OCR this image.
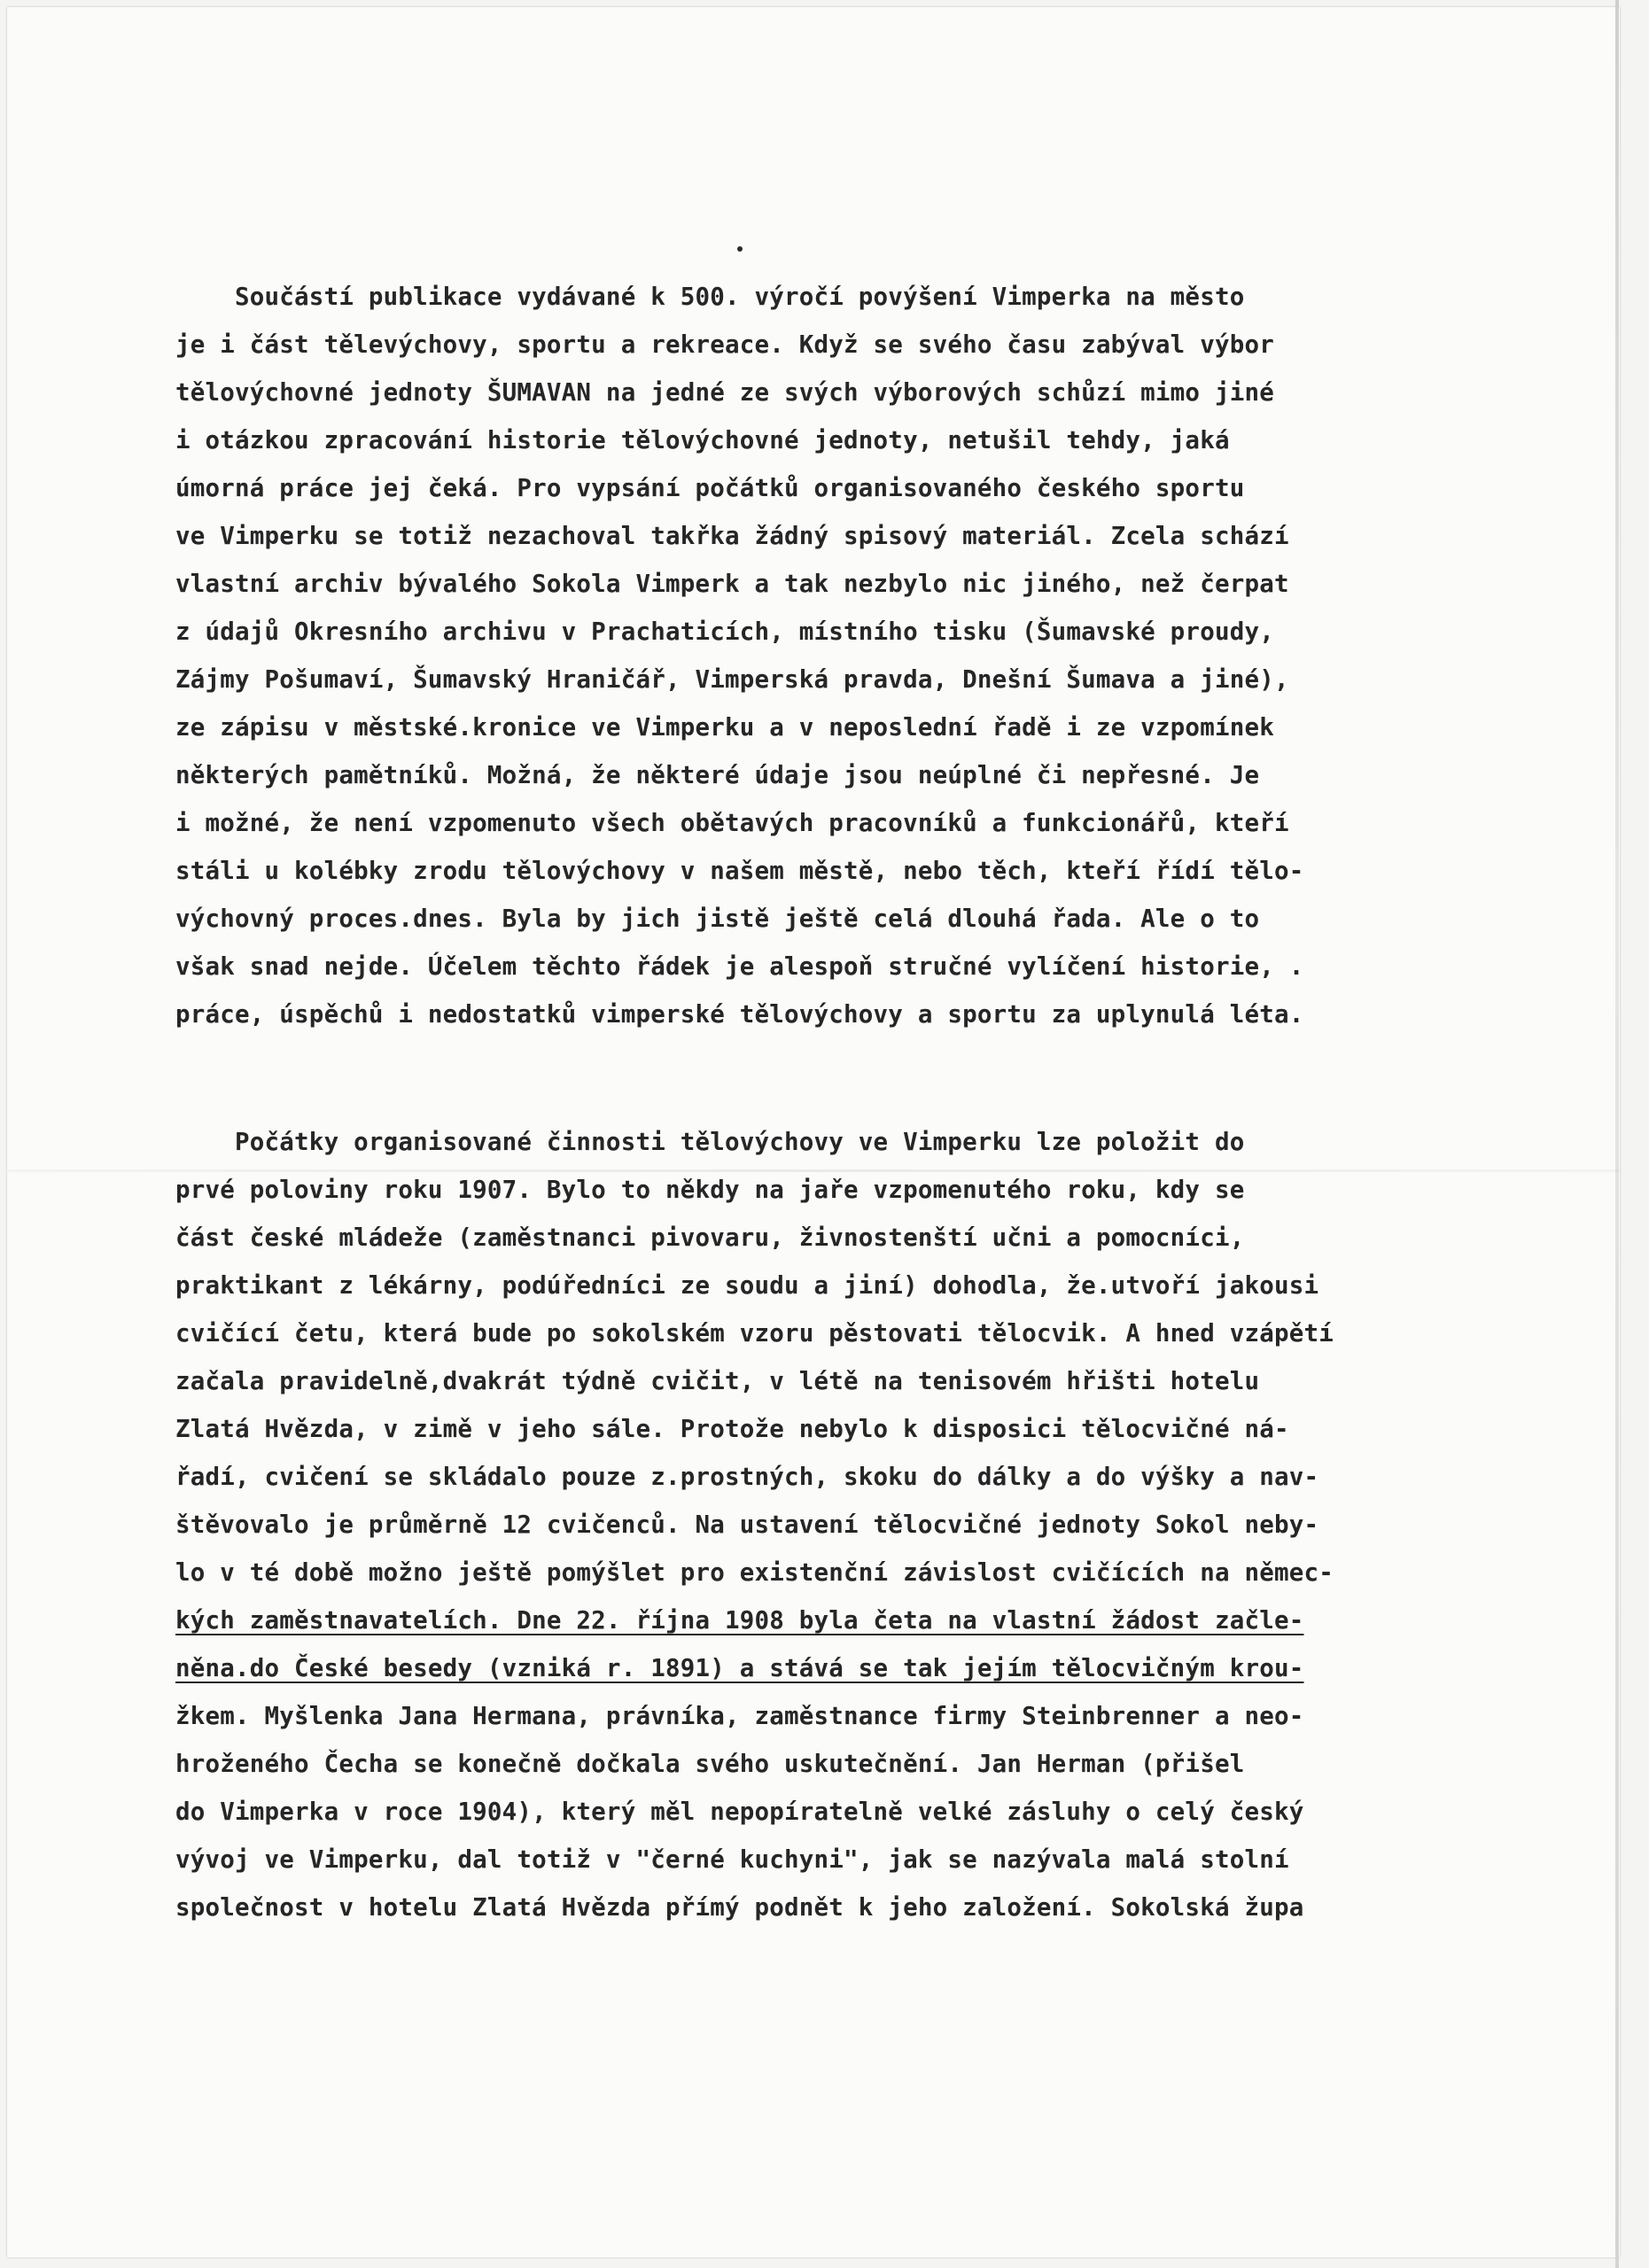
Součástí publikace vydávané k 500. výročí povýšení Vimperka na město
je i část tělevýchovy, sportu a rekreace. Když se svého času zabýval výbor
tělovýchovné jednoty ŠUMAVAN na jedné ze svých výborových schůzí mimo jiné
i otázkou zpracování historie tělovýchovné jednoty, netušil tehdy, jaká
úmorná práce jej čeká. Pro vypsání počátků organisovaného českého sportu
ve Vimperku se totiž nezachoval takřka žádný spisový materiál. Zcela schází
vlastní archiv bývalého Sokola Vimperk a tak nezbylo nic jiného, než čerpat
z údajů Okresního archivu v Prachaticích, místního tisku (Šumavské proudy,
Zájmy Pošumaví, Šumavský Hraničář, Vimperská pravda, Dnešní Šumava a jiné),
ze zápisu v městské.kronice ve Vimperku a v neposlední řadě i ze vzpomínek
některých pamětníků. Možná, že některé údaje jsou neúplné či nepřesné. Je
i možné, že není vzpomenuto všech obětavých pracovníků a funkcionářů, kteří
stáli u kolébky zrodu tělovýchovy v našem městě, nebo těch, kteří řídí tělo-
výchovný proces.dnes. Byla by jich jistě ještě celá dlouhá řada. Ale o to
však snad nejde. Účelem těchto řádek je alespoň stručné vylíčení historie, .
práce, úspěchů i nedostatků vimperské tělovýchovy a sportu za uplynulá léta.
Počátky organisované činnosti tělovýchovy ve Vimperku lze položit do
prvé poloviny roku 1907. Bylo to někdy na jaře vzpomenutého roku, kdy se
část české mládeže (zaměstnanci pivovaru, živnostenští učni a pomocníci,
praktikant z lékárny, podúředníci ze soudu a jiní) dohodla, že.utvoří jakousi
cvičící četu, která bude po sokolském vzoru pěstovati tělocvik. A hned vzápětí
začala pravidelně,dvakrát týdně cvičit, v létě na tenisovém hřišti hotelu
Zlatá Hvězda, v zimě v jeho sále. Protože nebylo k disposici tělocvičné ná-
řadí, cvičení se skládalo pouze z.prostných, skoku do dálky a do výšky a nav-
štěvovalo je průměrně 12 cvičenců. Na ustavení tělocvičné jednoty Sokol neby-
lo v té době možno ještě pomýšlet pro existenční závislost cvičících na němec-
kých zaměstnavatelích. Dne 22. října 1908 byla četa na vlastní žádost začle-
něna.do České besedy (vzniká r. 1891) a stává se tak jejím tělocvičným krou-
žkem. Myšlenka Jana Hermana, právníka, zaměstnance firmy Steinbrenner a neo-
hroženého Čecha se konečně dočkala svého uskutečnění. Jan Herman (přišel
do Vimperka v roce 1904), který měl nepopíratelně velké zásluhy o celý český
vývoj ve Vimperku, dal totiž v "černé kuchyni", jak se nazývala malá stolní
společnost v hotelu Zlatá Hvězda přímý podnět k jeho založení. Sokolská župa
